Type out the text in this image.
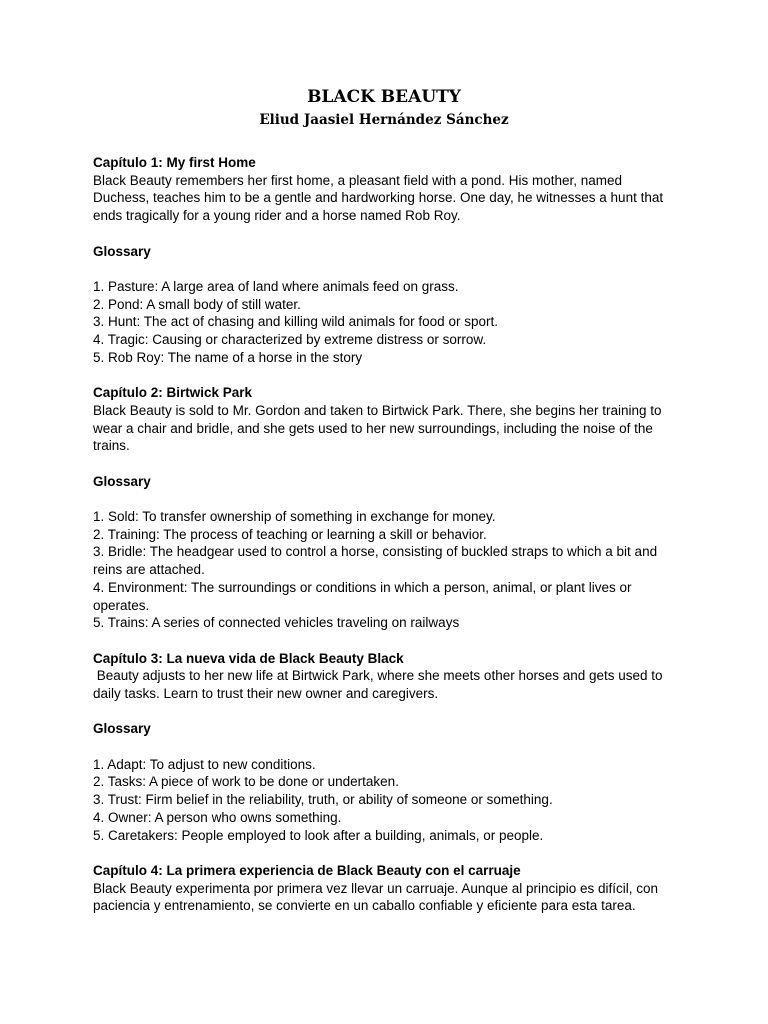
BLACK BEAUTY
Eliud Jaasiel Hernández Sánchez

Capítulo 1: My first Home

Black Beauty remembers her first home, a pleasant field with a pond. His mother, named Duchess, teaches him to be a gentle and hardworking horse. One day, he witnesses a hunt that ends tragically for a young rider and a horse named Rob Roy.

Glossary

1. Pasture: A large area of land where animals feed on grass.
2. Pond: A small body of still water.
3. Hunt: The act of chasing and killing wild animals for food or sport.
4. Tragic: Causing or characterized by extreme distress or sorrow.
5. Rob Roy: The name of a horse in the story

Capítulo 2: Birtwick Park

Black Beauty is sold to Mr. Gordon and taken to Birtwick Park. There, she begins her training to wear a chair and bridle, and she gets used to her new surroundings, including the noise of the trains.

Glossary

1. Sold: To transfer ownership of something in exchange for money.
2. Training: The process of teaching or learning a skill or behavior.
3. Bridle: The headgear used to control a horse, consisting of buckled straps to which a bit and reins are attached.
4. Environment: The surroundings or conditions in which a person, animal, or plant lives or operates.
5. Trains: A series of connected vehicles traveling on railways

Capítulo 3: La nueva vida de Black Beauty Black

Beauty adjusts to her new life at Birtwick Park, where she meets other horses and gets used to daily tasks. Learn to trust their new owner and caregivers.

Glossary

1. Adapt: To adjust to new conditions.
2. Tasks: A piece of work to be done or undertaken.
3. Trust: Firm belief in the reliability, truth, or ability of someone or something.
4. Owner: A person who owns something.
5. Caretakers: People employed to look after a building, animals, or people.

Capítulo 4: La primera experiencia de Black Beauty con el carruaje

Black Beauty experimenta por primera vez llevar un carruaje. Aunque al principio es difícil, con paciencia y entrenamiento, se convierte en un caballo confiable y eficiente para esta tarea.
